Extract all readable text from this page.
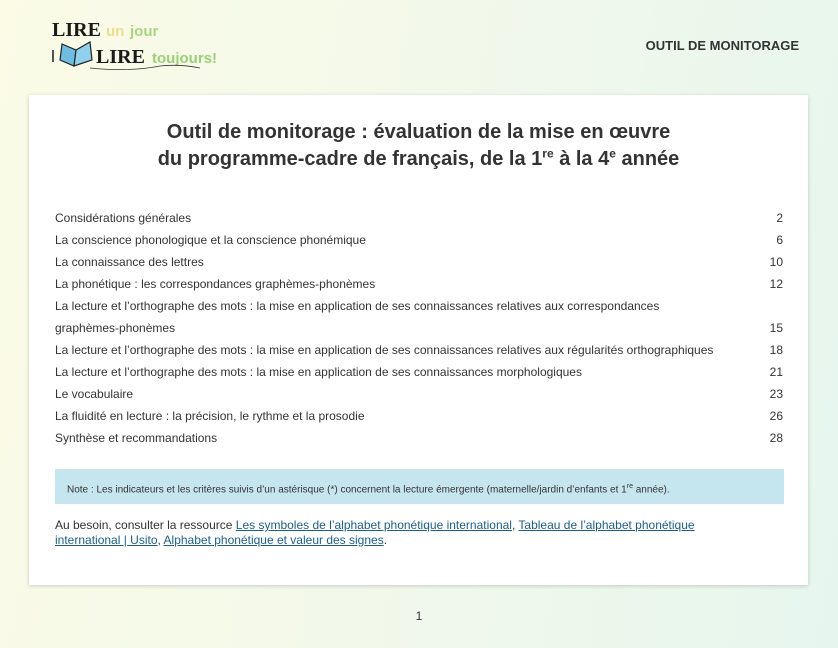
LIRE un jour
LIRE toujours!
OUTIL DE MONITORAGE
Outil de monitorage : évaluation de la mise en œuvre
du programme-cadre de français, de la 1re à la 4e année
Considérations générales	2
La conscience phonologique et la conscience phonémique	6
La connaissance des lettres	10
La phonétique : les correspondances graphèmes-phonèmes	12
La lecture et l’orthographe des mots : la mise en application de ses connaissances relatives aux correspondances
graphèmes-phonèmes	15
La lecture et l’orthographe des mots : la mise en application de ses connaissances relatives aux régularités orthographiques	18
La lecture et l’orthographe des mots : la mise en application de ses connaissances morphologiques	21
Le vocabulaire	23
La fluidité en lecture : la précision, le rythme et la prosodie	26
Synthèse et recommandations	28
Note : Les indicateurs et les critères suivis d’un astérisque (*) concernent la lecture émergente (maternelle/jardin d’enfants et 1re année).
Au besoin, consulter la ressource Les symboles de l’alphabet phonétique international, Tableau de l’alphabet phonétique international | Usito, Alphabet phonétique et valeur des signes.
1
